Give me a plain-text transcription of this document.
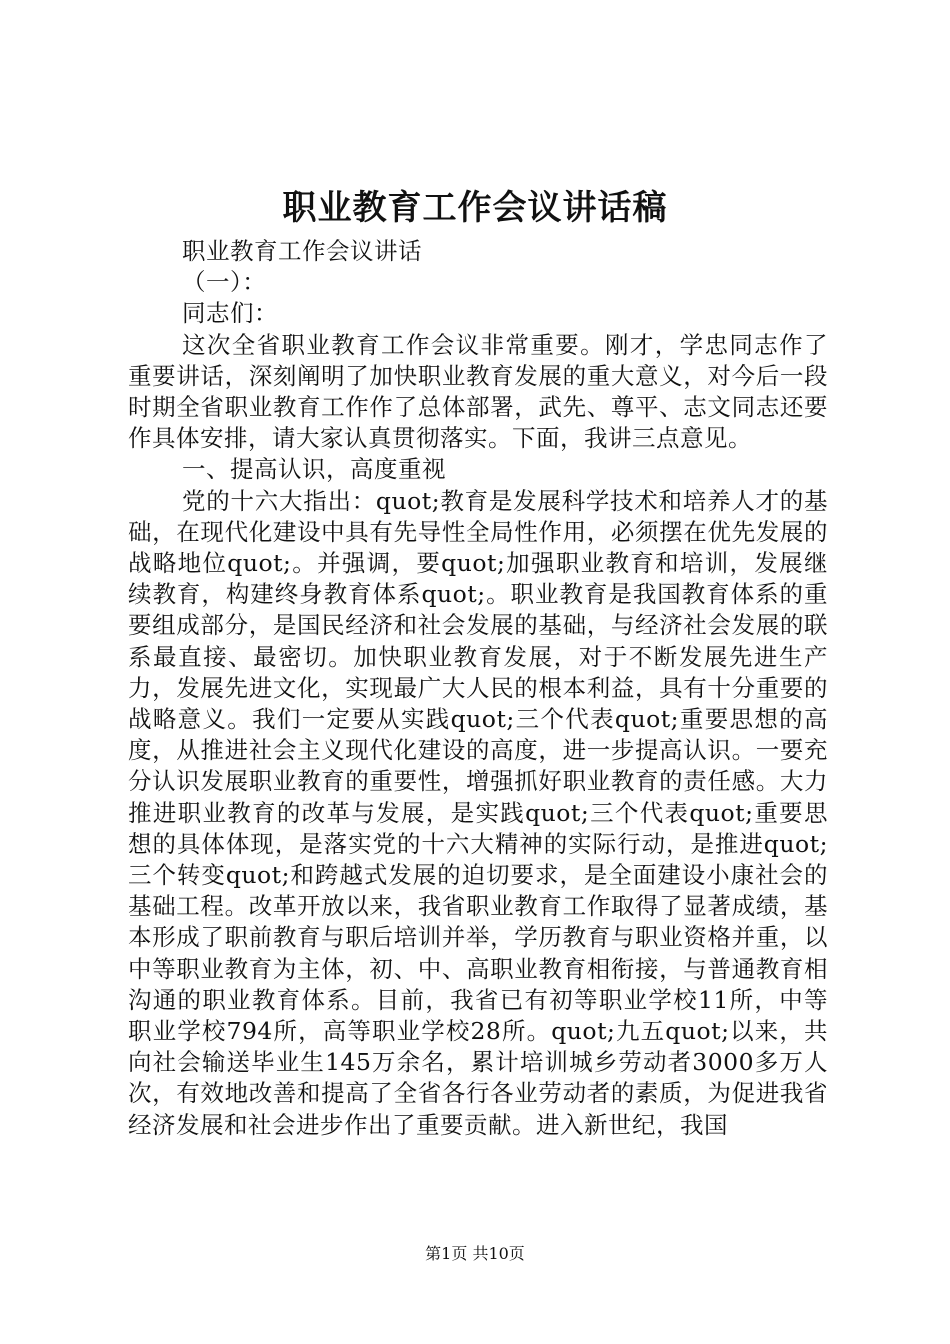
职业教育工作会议讲话稿

职业教育工作会议讲话

（一）：

同志们：

这次全省职业教育工作会议非常重要。刚才，学忠同志作了重要讲话，深刻阐明了加快职业教育发展的重大意义，对今后一段时期全省职业教育工作作了总体部署，武先、尊平、志文同志还要作具体安排，请大家认真贯彻落实。下面，我讲三点意见。

一、提高认识，高度重视

党的十六大指出：quot;教育是发展科学技术和培养人才的基础，在现代化建设中具有先导性全局性作用，必须摆在优先发展的战略地位quot;。并强调，要quot;加强职业教育和培训，发展继续教育，构建终身教育体系quot;。职业教育是我国教育体系的重要组成部分，是国民经济和社会发展的基础，与经济社会发展的联系最直接、最密切。加快职业教育发展，对于不断发展先进生产力，发展先进文化，实现最广大人民的根本利益，具有十分重要的战略意义。我们一定要从实践quot;三个代表quot;重要思想的高度，从推进社会主义现代化建设的高度，进一步提高认识。一要充分认识发展职业教育的重要性，增强抓好职业教育的责任感。大力推进职业教育的改革与发展，是实践quot;三个代表quot;重要思想的具体体现，是落实党的十六大精神的实际行动，是推进quot;三个转变quot;和跨越式发展的迫切要求，是全面建设小康社会的基础工程。改革开放以来，我省职业教育工作取得了显著成绩，基本形成了职前教育与职后培训并举，学历教育与职业资格并重，以中等职业教育为主体，初、中、高职业教育相衔接，与普通教育相沟通的职业教育体系。目前，我省已有初等职业学校11所，中等职业学校794所，高等职业学校28所。quot;九五quot;以来，共向社会输送毕业生145万余名，累计培训城乡劳动者3000多万人次，有效地改善和提高了全省各行各业劳动者的素质，为促进我省经济发展和社会进步作出了重要贡献。进入新世纪，我国

第1页 共10页
